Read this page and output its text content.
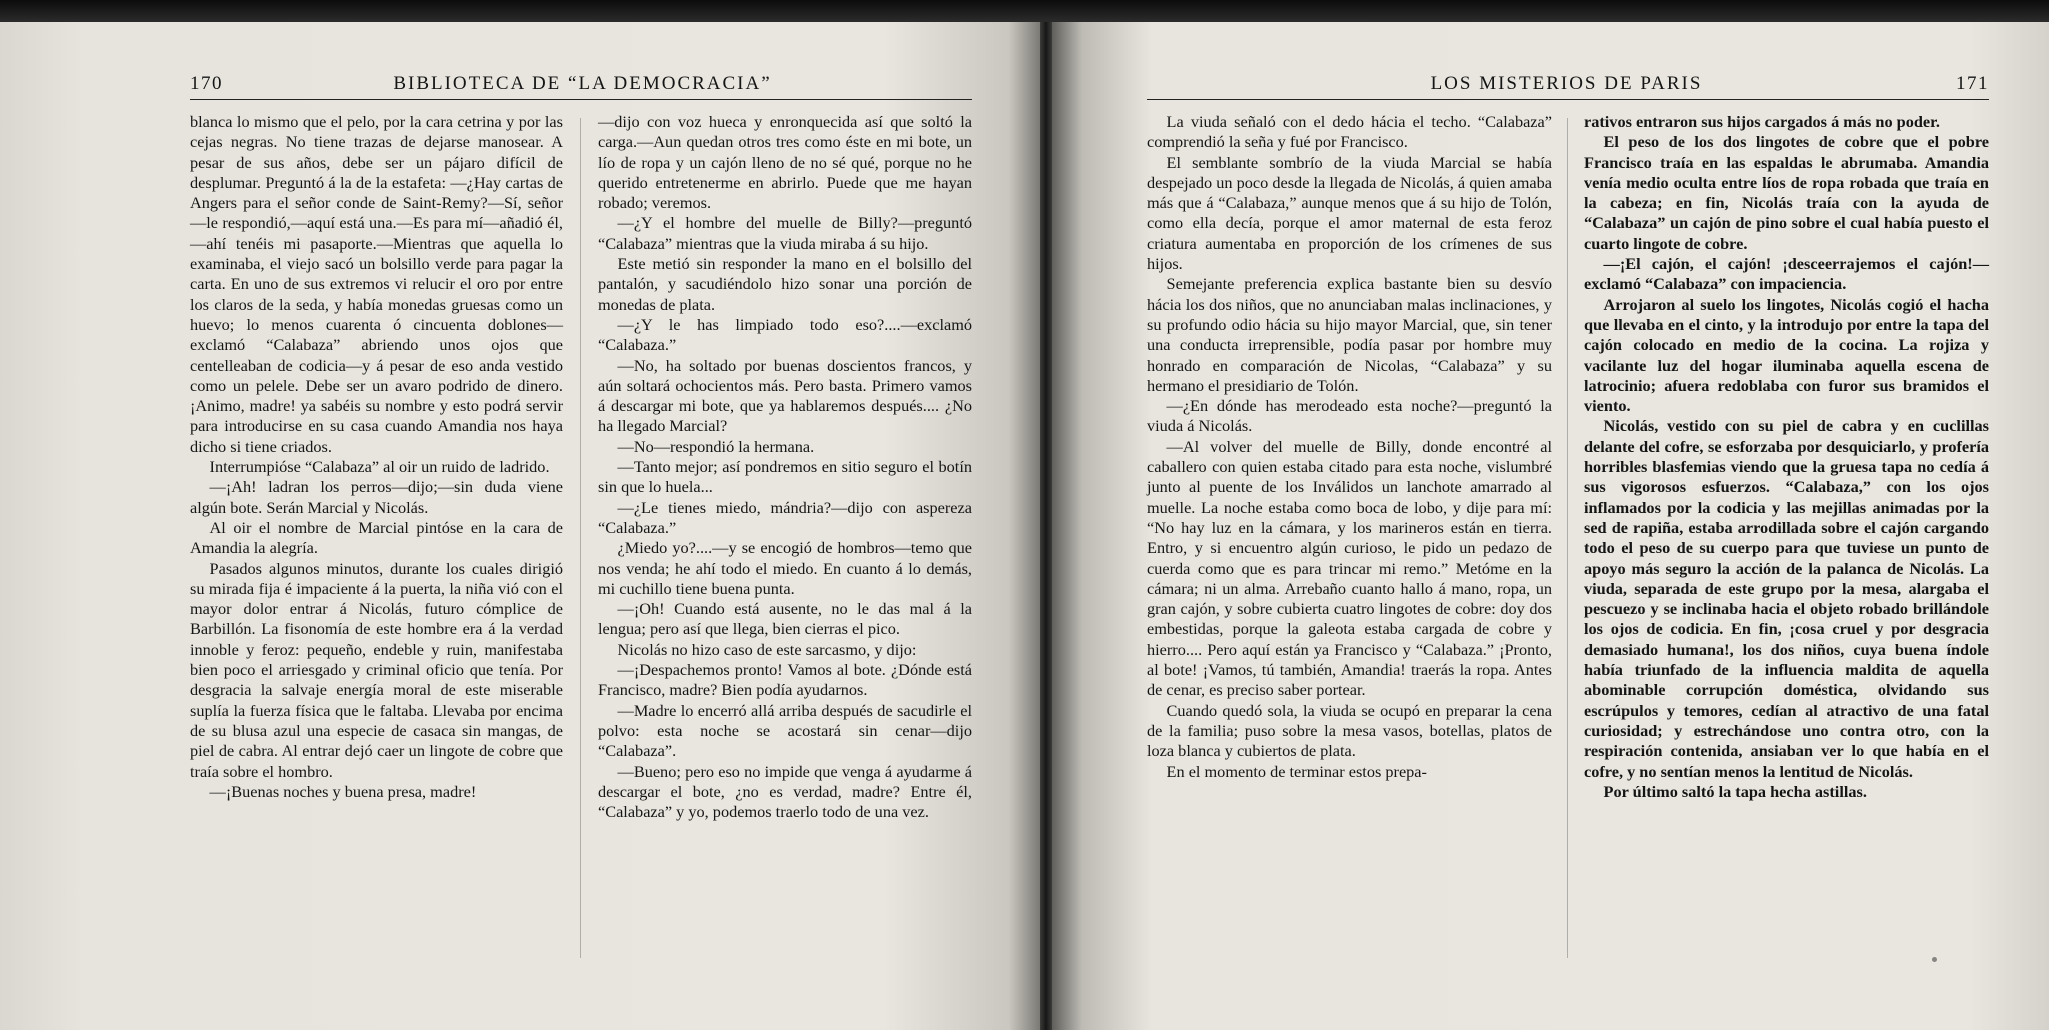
170	BIBLIOTECA DE “LA DEMOCRACIA”

blanca lo mismo que el pelo, por la cara cetrina y por las cejas negras. No tiene trazas de dejarse manosear. A pesar de sus años, debe ser un pájaro difícil de desplumar. Preguntó á la de la estafeta: —¿Hay cartas de Angers para el señor conde de Saint-Remy?—Sí, señor—le respondió,—aquí está una.—Es para mí—añadió él,—ahí tenéis mi pasaporte.—Mientras que aquella lo examinaba, el viejo sacó un bolsillo verde para pagar la carta. En uno de sus extremos vi relucir el oro por entre los claros de la seda, y había monedas gruesas como un huevo; lo menos cuarenta ó cincuenta doblones—exclamó “Calabaza” abriendo unos ojos que centelleaban de codicia—y á pesar de eso anda vestido como un pelele. Debe ser un avaro podrido de dinero. ¡Animo, madre! ya sabéis su nombre y esto podrá servir para introducirse en su casa cuando Amandia nos haya dicho si tiene criados.

Interrumpióse “Calabaza” al oir un ruido de ladrido.

—¡Ah! ladran los perros—dijo;—sin duda viene algún bote. Serán Marcial y Nicolás.

Al oir el nombre de Marcial pintóse en la cara de Amandia la alegría.

Pasados algunos minutos, durante los cuales dirigió su mirada fija é impaciente á la puerta, la niña vió con el mayor dolor entrar á Nicolás, futuro cómplice de Barbillón. La fisonomía de este hombre era á la verdad innoble y feroz: pequeño, endeble y ruin, manifestaba bien poco el arriesgado y criminal oficio que tenía. Por desgracia la salvaje energía moral de este miserable suplía la fuerza física que le faltaba. Llevaba por encima de su blusa azul una especie de casaca sin mangas, de piel de cabra. Al entrar dejó caer un lingote de cobre que traía sobre el hombro.

—¡Buenas noches y buena presa, madre!

—dijo con voz hueca y enronquecida así que soltó la carga.—Aun quedan otros tres como éste en mi bote, un lío de ropa y un cajón lleno de no sé qué, porque no he querido entretenerme en abrirlo. Puede que me hayan robado; veremos.

—¿Y el hombre del muelle de Billy?—preguntó “Calabaza” mientras que la viuda miraba á su hijo.

Este metió sin responder la mano en el bolsillo del pantalón, y sacudiéndolo hizo sonar una porción de monedas de plata.

—¿Y le has limpiado todo eso?....—exclamó “Calabaza.”

—No, ha soltado por buenas doscientos francos, y aún soltará ochocientos más. Pero basta. Primero vamos á descargar mi bote, que ya hablaremos después.... ¿No ha llegado Marcial?

—No—respondió la hermana.

—Tanto mejor; así pondremos en sitio seguro el botín sin que lo huela...

—¿Le tienes miedo, mándria?—dijo con aspereza “Calabaza.”

¿Miedo yo?....—y se encogió de hombros—temo que nos venda; he ahí todo el miedo. En cuanto á lo demás, mi cuchillo tiene buena punta.

—¡Oh! Cuando está ausente, no le das mal á la lengua; pero así que llega, bien cierras el pico.

Nicolás no hizo caso de este sarcasmo, y dijo:

—¡Despachemos pronto! Vamos al bote. ¿Dónde está Francisco, madre? Bien podía ayudarnos.

—Madre lo encerró allá arriba después de sacudirle el polvo: esta noche se acostará sin cenar—dijo “Calabaza”.

—Bueno; pero eso no impide que venga á ayudarme á descargar el bote, ¿no es verdad, madre? Entre él, “Calabaza” y yo, podemos traerlo todo de una vez.

LOS MISTERIOS DE PARIS	171

La viuda señaló con el dedo hácia el techo. “Calabaza” comprendió la seña y fué por Francisco.

El semblante sombrío de la viuda Marcial se había despejado un poco desde la llegada de Nicolás, á quien amaba más que á “Calabaza,” aunque menos que á su hijo de Tolón, como ella decía, porque el amor maternal de esta feroz criatura aumentaba en proporción de los crímenes de sus hijos.

Semejante preferencia explica bastante bien su desvío hácia los dos niños, que no anunciaban malas inclinaciones, y su profundo odio hácia su hijo mayor Marcial, que, sin tener una conducta irreprensible, podía pasar por hombre muy honrado en comparación de Nicolas, “Calabaza” y su hermano el presidiario de Tolón.

—¿En dónde has merodeado esta noche?—preguntó la viuda á Nicolás.

—Al volver del muelle de Billy, donde encontré al caballero con quien estaba citado para esta noche, vislumbré junto al puente de los Inválidos un lanchote amarrado al muelle. La noche estaba como boca de lobo, y dije para mí: “No hay luz en la cámara, y los marineros están en tierra. Entro, y si encuentro algún curioso, le pido un pedazo de cuerda como que es para trincar mi remo.” Metóme en la cámara; ni un alma. Arrebaño cuanto hallo á mano, ropa, un gran cajón, y sobre cubierta cuatro lingotes de cobre: doy dos embestidas, porque la galeota estaba cargada de cobre y hierro.... Pero aquí están ya Francisco y “Calabaza.” ¡Pronto, al bote! ¡Vamos, tú también, Amandia! traerás la ropa. Antes de cenar, es preciso saber portear.

Cuando quedó sola, la viuda se ocupó en preparar la cena de la familia; puso sobre la mesa vasos, botellas, platos de loza blanca y cubiertos de plata.

En el momento de terminar estos prepa-

rativos entraron sus hijos cargados á más no poder.

El peso de los dos lingotes de cobre que el pobre Francisco traía en las espaldas le abrumaba. Amandia venía medio oculta entre líos de ropa robada que traía en la cabeza; en fin, Nicolás traía con la ayuda de “Calabaza” un cajón de pino sobre el cual había puesto el cuarto lingote de cobre.

—¡El cajón, el cajón! ¡desceerrajemos el cajón!—exclamó “Calabaza” con impaciencia.

Arrojaron al suelo los lingotes, Nicolás cogió el hacha que llevaba en el cinto, y la introdujo por entre la tapa del cajón colocado en medio de la cocina. La rojiza y vacilante luz del hogar iluminaba aquella escena de latrocinio; afuera redoblaba con furor sus bramidos el viento.

Nicolás, vestido con su piel de cabra y en cuclillas delante del cofre, se esforzaba por desquiciarlo, y profería horribles blasfemias viendo que la gruesa tapa no cedía á sus vigorosos esfuerzos. “Calabaza,” con los ojos inflamados por la codicia y las mejillas animadas por la sed de rapiña, estaba arrodillada sobre el cajón cargando todo el peso de su cuerpo para que tuviese un punto de apoyo más seguro la acción de la palanca de Nicolás. La viuda, separada de este grupo por la mesa, alargaba el pescuezo y se inclinaba hacia el objeto robado brillándole los ojos de codicia. En fin, ¡cosa cruel y por desgracia demasiado humana!, los dos niños, cuya buena índole había triunfado de la influencia maldita de aquella abominable corrupción doméstica, olvidando sus escrúpulos y temores, cedían al atractivo de una fatal curiosidad; y estrechándose uno contra otro, con la respiración contenida, ansiaban ver lo que había en el cofre, y no sentían menos la lentitud de Nicolás.

Por último saltó la tapa hecha astillas.
